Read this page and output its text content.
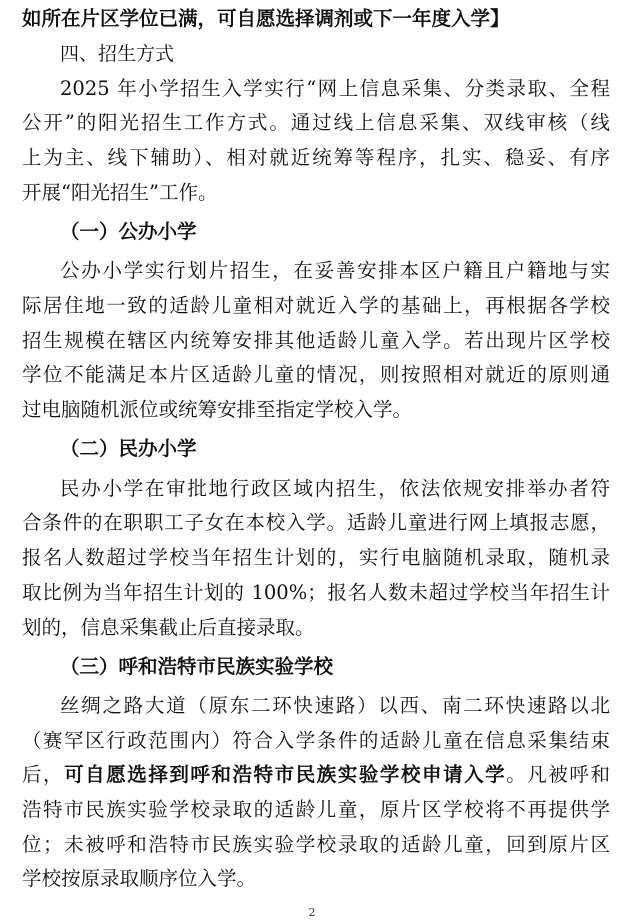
如所在片区学位已满，可自愿选择调剂或下一年度入学】
四、招生方式
2025 年小学招生入学实行“网上信息采集、分类录取、全程
公开”的阳光招生工作方式。通过线上信息采集、双线审核（线
上为主、线下辅助）、相对就近统筹等程序，扎实、稳妥、有序
开展“阳光招生”工作。
（一）公办小学
公办小学实行划片招生，在妥善安排本区户籍且户籍地与实
际居住地一致的适龄儿童相对就近入学的基础上，再根据各学校
招生规模在辖区内统筹安排其他适龄儿童入学。若出现片区学校
学位不能满足本片区适龄儿童的情况，则按照相对就近的原则通
过电脑随机派位或统筹安排至指定学校入学。
（二）民办小学
民办小学在审批地行政区域内招生，依法依规安排举办者符
合条件的在职职工子女在本校入学。适龄儿童进行网上填报志愿，
报名人数超过学校当年招生计划的，实行电脑随机录取，随机录
取比例为当年招生计划的 100%；报名人数未超过学校当年招生计
划的，信息采集截止后直接录取。
（三）呼和浩特市民族实验学校
丝绸之路大道（原东二环快速路）以西、南二环快速路以北
（赛罕区行政范围内）符合入学条件的适龄儿童在信息采集结束
后，可自愿选择到呼和浩特市民族实验学校申请入学。凡被呼和
浩特市民族实验学校录取的适龄儿童，原片区学校将不再提供学
位；未被呼和浩特市民族实验学校录取的适龄儿童，回到原片区
学校按原录取顺序位入学。
2
